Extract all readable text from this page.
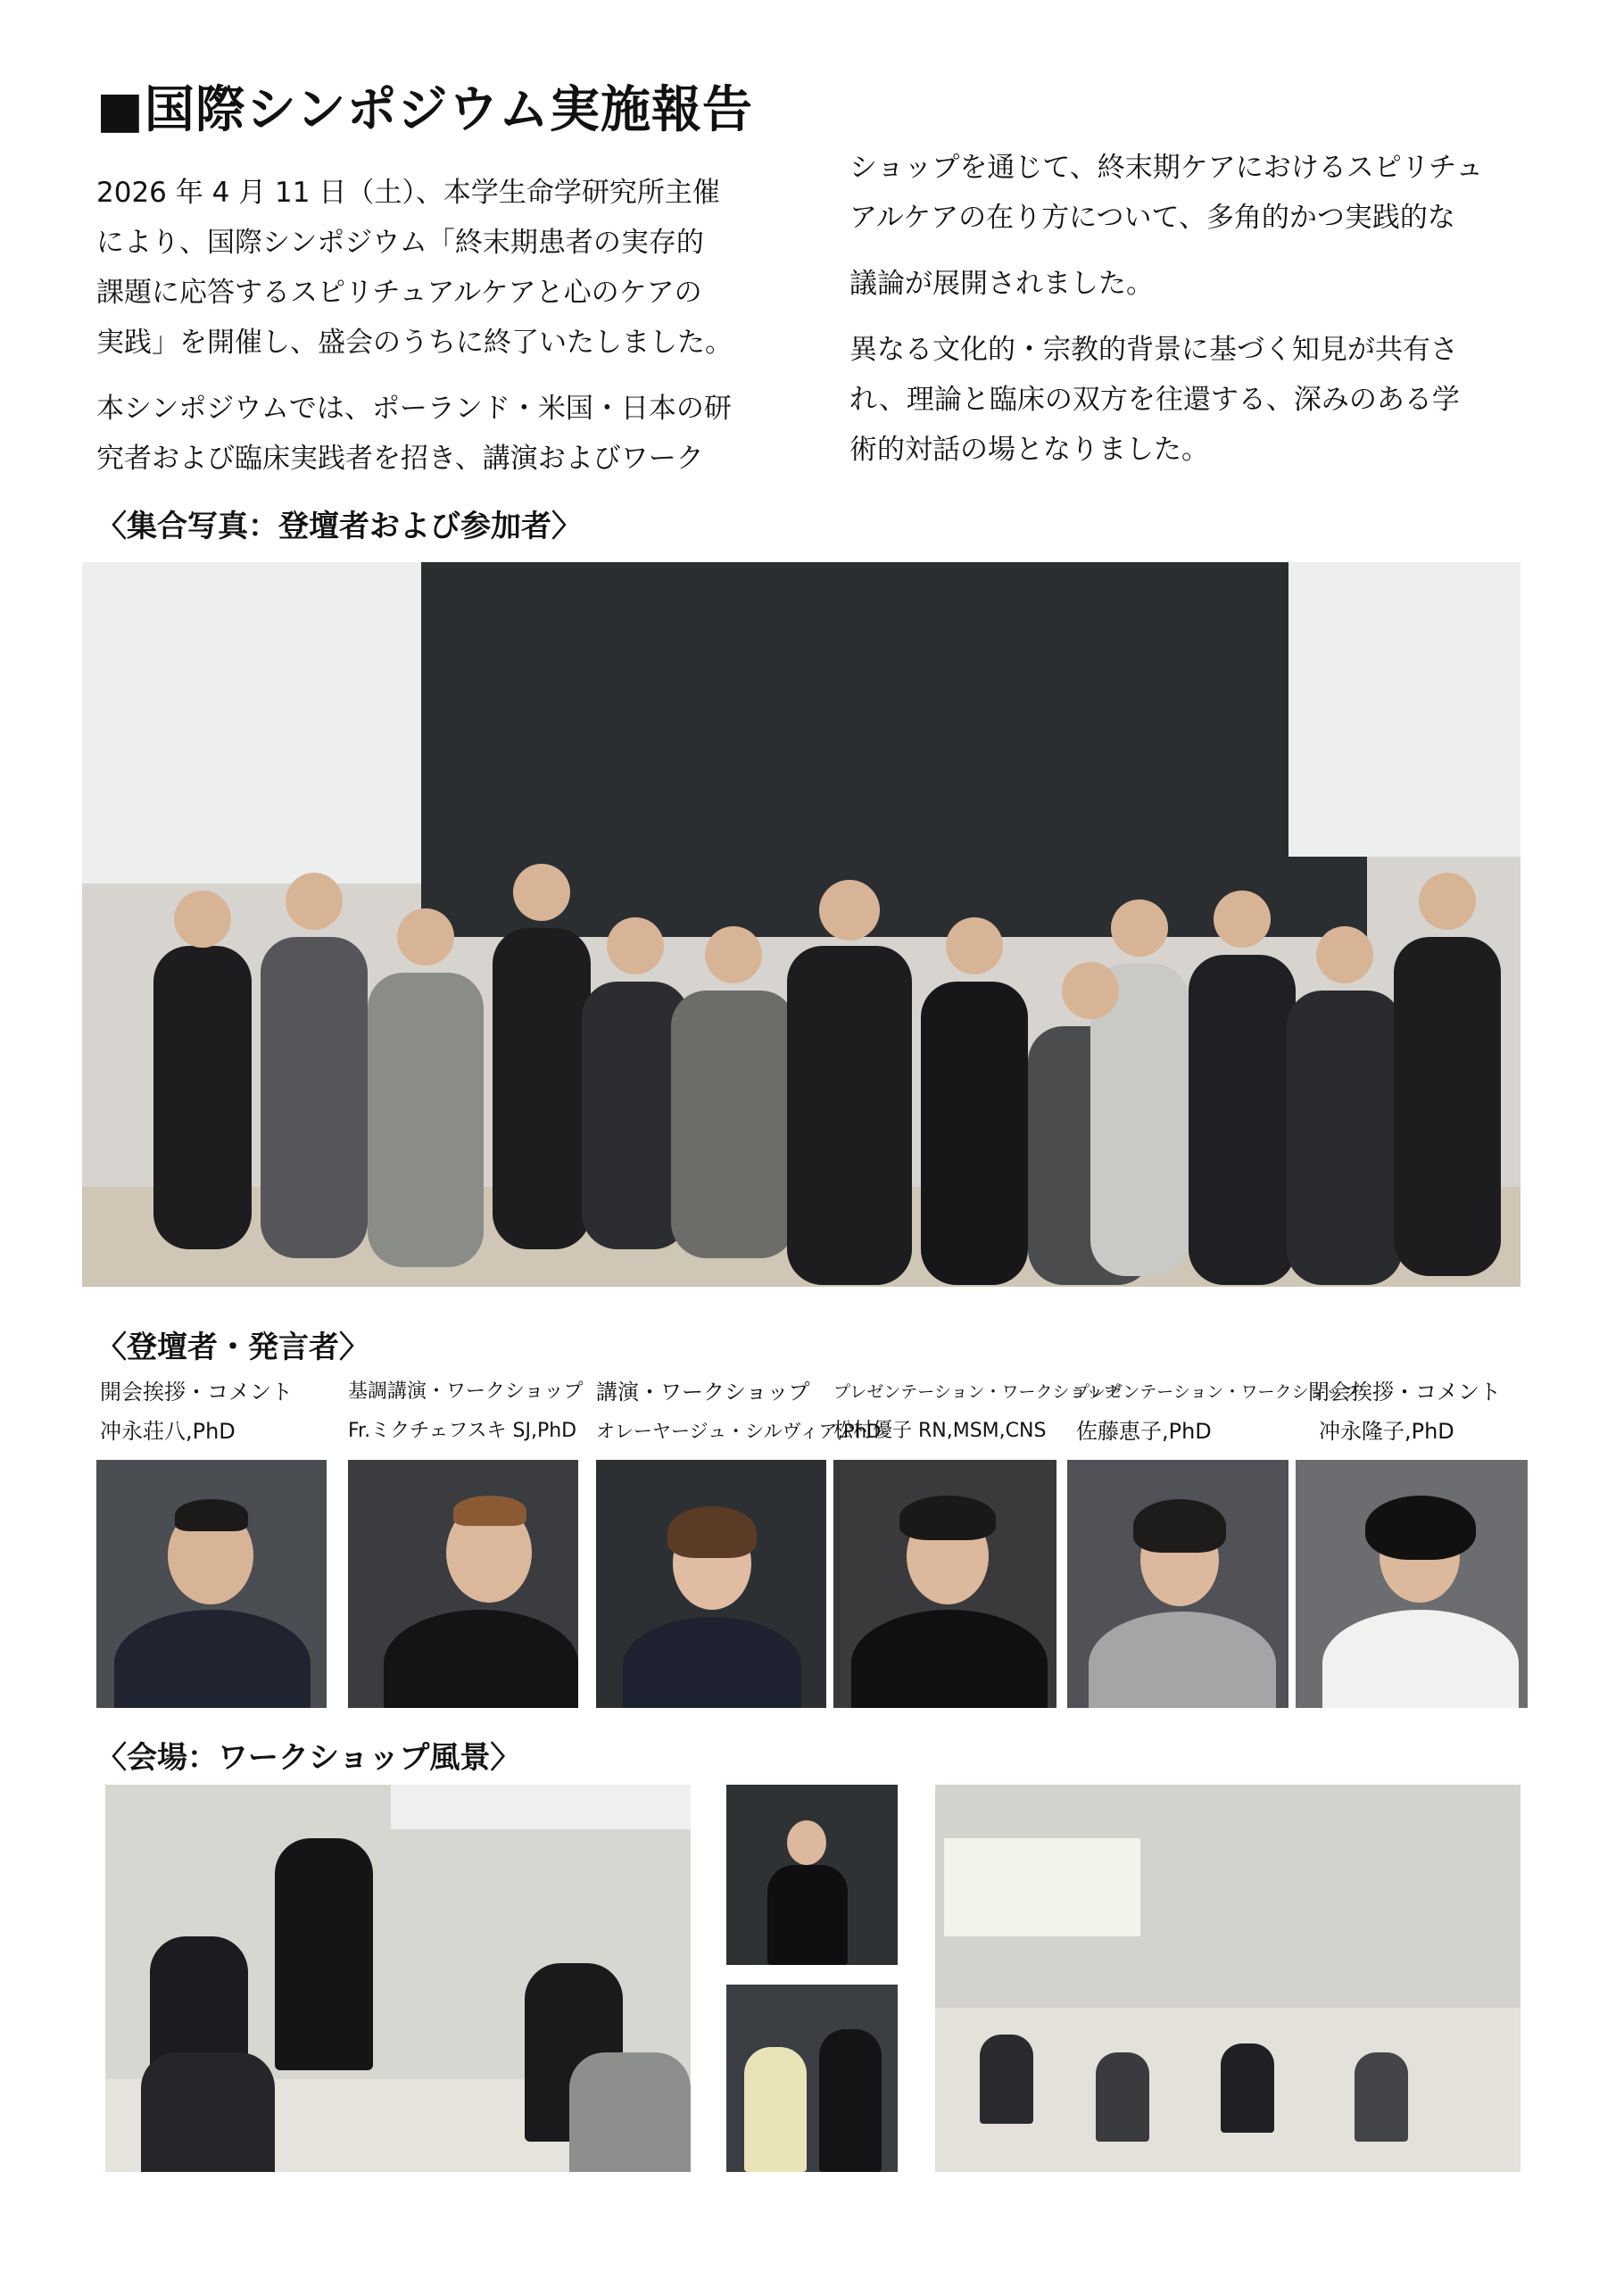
■国際シンポジウム実施報告

2026 年 4 月 11 日（土）、本学生命学研究所主催
により、国際シンポジウム「終末期患者の実存的
課題に応答するスピリチュアルケアと心のケアの
実践」を開催し、盛会のうちに終了いたしました。

本シンポジウムでは、ポーランド・米国・日本の研
究者および臨床実践者を招き、講演およびワーク

ショップを通じて、終末期ケアにおけるスピリチュ
アルケアの在り方について、多角的かつ実践的な

議論が展開されました。

異なる文化的・宗教的背景に基づく知見が共有さ
れ、理論と臨床の双方を往還する、深みのある学
術的対話の場となりました。

〈集合写真：登壇者および参加者〉
〈登壇者・発言者〉
開会挨拶・コメント
冲永荘八,PhD
基調講演・ワークショップ
Fr.ミクチェフスキ SJ,PhD
講演・ワークショップ
オレーヤージュ・シルヴィア,PhD
プレゼンテーション・ワークショップ
松村優子 RN,MSM,CNS
プレゼンテーション・ワークショップ
佐藤恵子,PhD
閉会挨拶・コメント
冲永隆子,PhD
〈会場：ワークショップ風景〉
